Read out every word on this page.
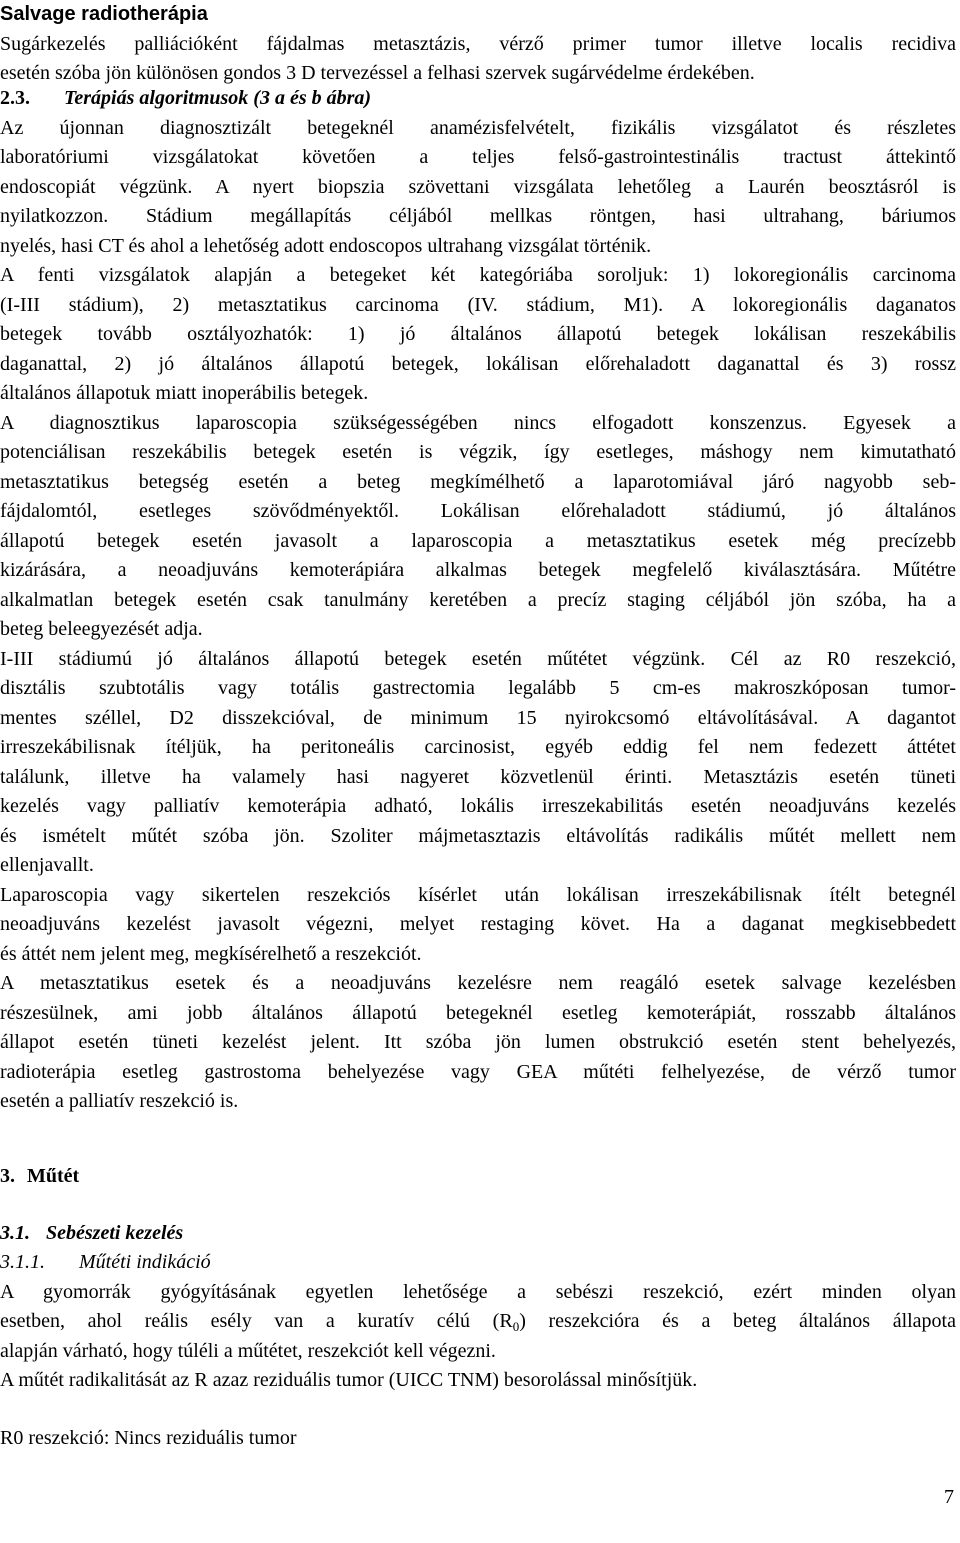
Salvage radiotherápia
Sugárkezelés palliációként fájdalmas metasztázis, vérző primer tumor illetve localis recidiva
esetén szóba jön különösen gondos 3 D tervezéssel a felhasi szervek sugárvédelme érdekében.
2.3. Terápiás algoritmusok (3 a és b ábra)
Az újonnan diagnosztizált betegeknél anamézisfelvételt, fizikális vizsgálatot és részletes
laboratóriumi vizsgálatokat követően a teljes felső-gastrointestinális tractust áttekintő
endoscopiát végzünk. A nyert biopszia szövettani vizsgálata lehetőleg a Laurén beosztásról is
nyilatkozzon. Stádium megállapítás céljából mellkas röntgen, hasi ultrahang, báriumos
nyelés, hasi CT és ahol a lehetőség adott endoscopos ultrahang vizsgálat történik.
A fenti vizsgálatok alapján a betegeket két kategóriába soroljuk: 1) lokoregionális carcinoma
(I-III stádium), 2) metasztatikus carcinoma (IV. stádium, M1). A lokoregionális daganatos
betegek tovább osztályozhatók: 1) jó általános állapotú betegek lokálisan reszekábilis
daganattal, 2) jó általános állapotú betegek, lokálisan előrehaladott daganattal és 3) rossz
általános állapotuk miatt inoperábilis betegek.
A diagnosztikus laparoscopia szükségességében nincs elfogadott konszenzus. Egyesek a
potenciálisan reszekábilis betegek esetén is végzik, így esetleges, máshogy nem kimutatható
metasztatikus betegség esetén a beteg megkímélhető a laparotomiával járó nagyobb seb-
fájdalomtól, esetleges szövődményektől. Lokálisan előrehaladott stádiumú, jó általános
állapotú betegek esetén javasolt a laparoscopia a metasztatikus esetek még precízebb
kizárására, a neoadjuváns kemoterápiára alkalmas betegek megfelelő kiválasztására. Műtétre
alkalmatlan betegek esetén csak tanulmány keretében a precíz staging céljából jön szóba, ha a
beteg beleegyezését adja.
I-III stádiumú jó általános állapotú betegek esetén műtétet végzünk. Cél az R0 reszekció,
disztális szubtotális vagy totális gastrectomia legalább 5 cm-es makroszkóposan tumor-
mentes széllel, D2 disszekcióval, de minimum 15 nyirokcsomó eltávolításával. A dagantot
irreszekábilisnak ítéljük, ha peritoneális carcinosist, egyéb eddig fel nem fedezett áttétet
találunk, illetve ha valamely hasi nagyeret közvetlenül érinti. Metasztázis esetén tüneti
kezelés vagy palliatív kemoterápia adható, lokális irreszekabilitás esetén neoadjuváns kezelés
és ismételt műtét szóba jön. Szoliter májmetasztazis eltávolítás radikális műtét mellett nem
ellenjavallt.
Laparoscopia vagy sikertelen reszekciós kísérlet után lokálisan irreszekábilisnak ítélt betegnél
neoadjuváns kezelést javasolt végezni, melyet restaging követ. Ha a daganat megkisebbedett
és áttét nem jelent meg, megkísérelhető a reszekciót.
A metasztatikus esetek és a neoadjuváns kezelésre nem reagáló esetek salvage kezelésben
részesülnek, ami jobb általános állapotú betegeknél esetleg kemoterápiát, rosszabb általános
állapot esetén tüneti kezelést jelent. Itt szóba jön lumen obstrukció esetén stent behelyezés,
radioterápia esetleg gastrostoma behelyezése vagy GEA műtéti felhelyezése, de vérző tumor
esetén a palliatív reszekció is.
3. Műtét
3.1. Sebészeti kezelés
3.1.1. Műtéti indikáció
A gyomorrák gyógyításának egyetlen lehetősége a sebészi reszekció, ezért minden olyan
esetben, ahol reális esély van a kuratív célú $(R_0)$ reszekcióra és a beteg általános állapota
alapján várható, hogy túléli a műtétet, reszekciót kell végezni.
A műtét radikalitását az R azaz reziduális tumor (UICC TNM) besorolással minősítjük.
R0 reszekció: Nincs reziduális tumor
7
